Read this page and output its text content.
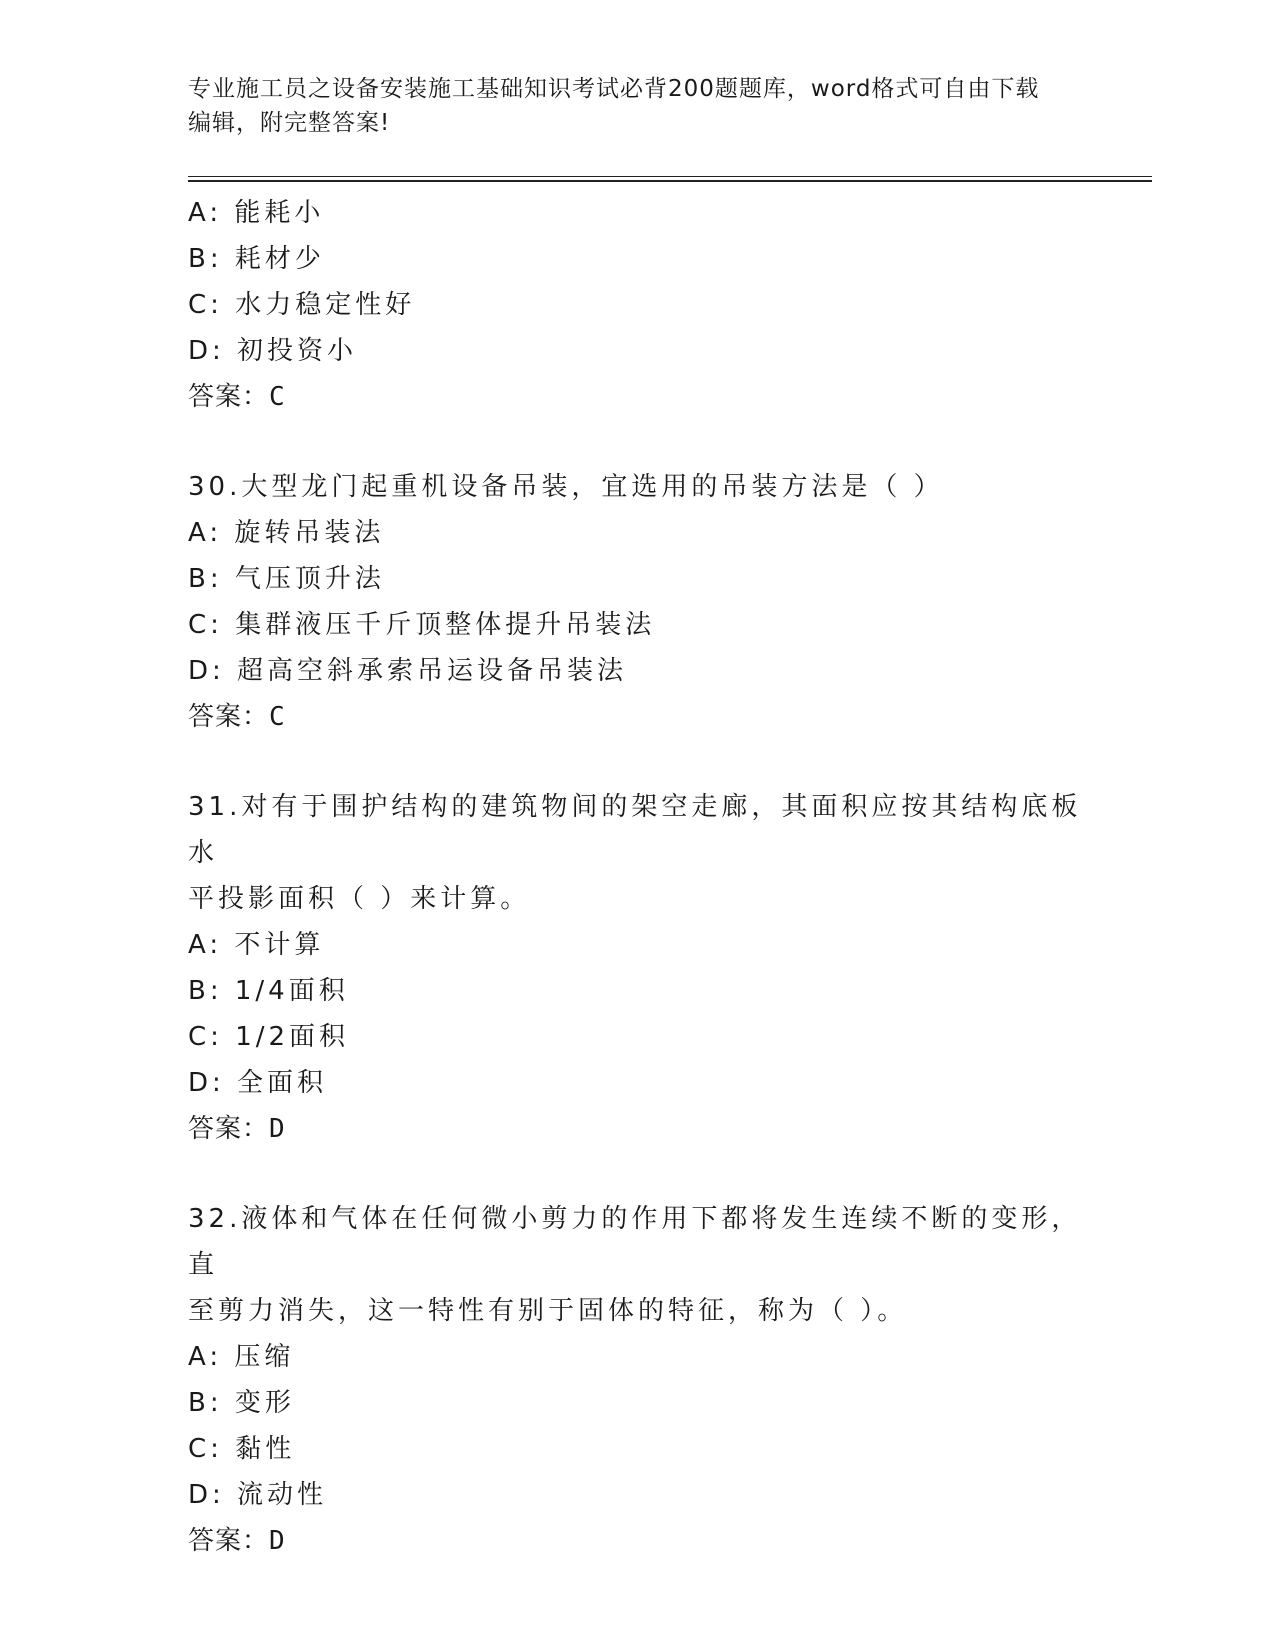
专业施工员之设备安装施工基础知识考试必背200题题库，word格式可自由下载
编辑，附完整答案!
A: 能耗小
B: 耗材少
C: 水力稳定性好
D: 初投资小
答案：C
30.大型龙门起重机设备吊装，宜选用的吊装方法是（ ）
A: 旋转吊装法
B: 气压顶升法
C: 集群液压千斤顶整体提升吊装法
D: 超高空斜承索吊运设备吊装法
答案：C
31.对有于围护结构的建筑物间的架空走廊，其面积应按其结构底板水
平投影面积（ ）来计算。
A: 不计算
B: 1/4面积
C: 1/2面积
D: 全面积
答案：D
32.液体和气体在任何微小剪力的作用下都将发生连续不断的变形，直
至剪力消失，这一特性有别于固体的特征，称为（ ）。
A: 压缩
B: 变形
C: 黏性
D: 流动性
答案：D
